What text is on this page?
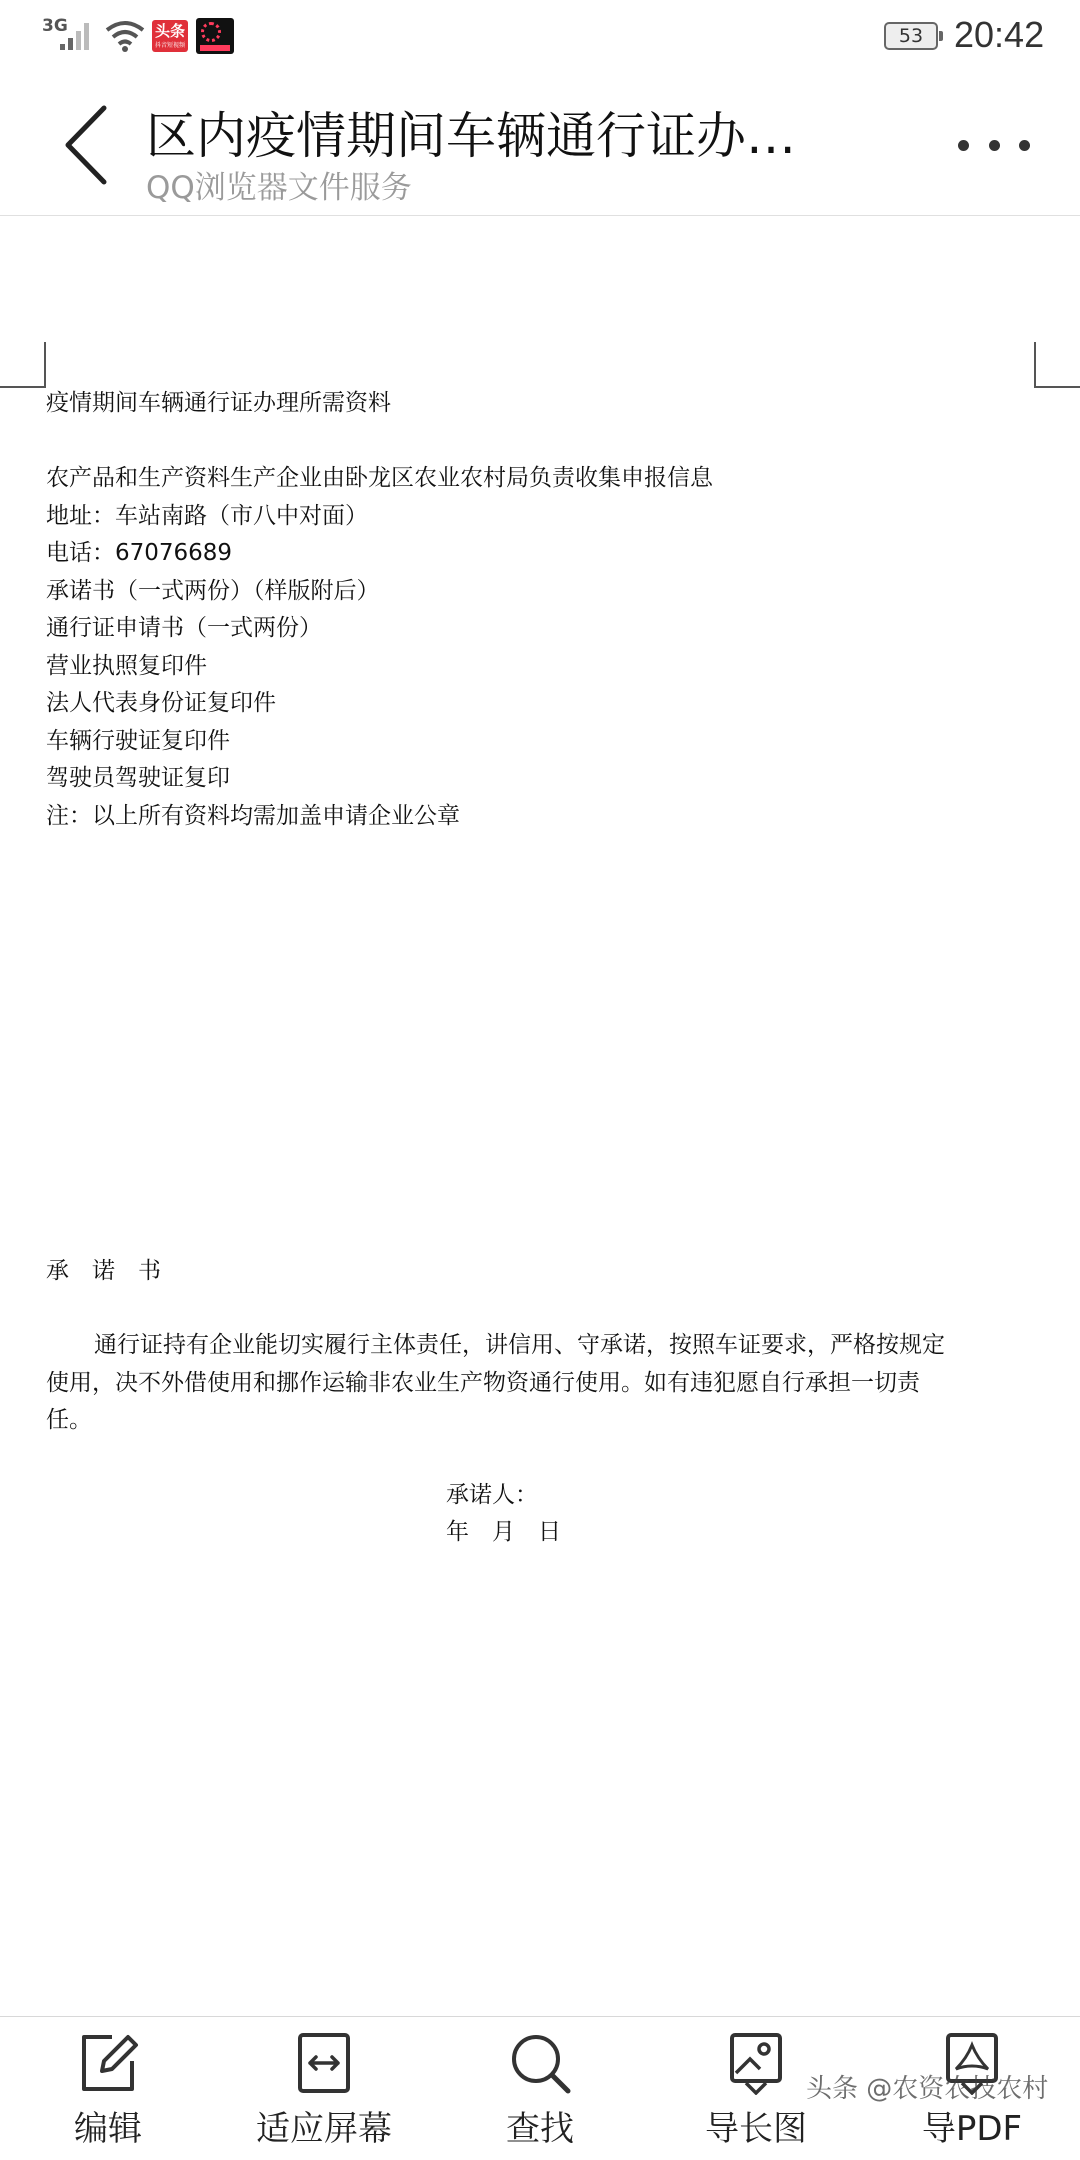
3G	头条
抖音短视频	53 20:42
区内疫情期间车辆通行证办…
QQ浏览器文件服务
疫情期间车辆通行证办理所需资料
农产品和生产资料生产企业由卧龙区农业农村局负责收集申报信息
地址：车站南路（市八中对面）
电话：67076689
承诺书（一式两份）（样版附后）
通行证申请书（一式两份）
营业执照复印件
法人代表身份证复印件
车辆行驶证复印件
驾驶员驾驶证复印
注：以上所有资料均需加盖申请企业公章
承　诺　书
通行证持有企业能切实履行主体责任，讲信用、守承诺，按照车证要求，严格按规定
使用，决不外借使用和挪作运输非农业生产物资通行使用。如有违犯愿自行承担一切责
任。
承诺人：
年　月　日
编辑	适应屏幕	查找	导长图	导PDF
头条 @农资农技农村
